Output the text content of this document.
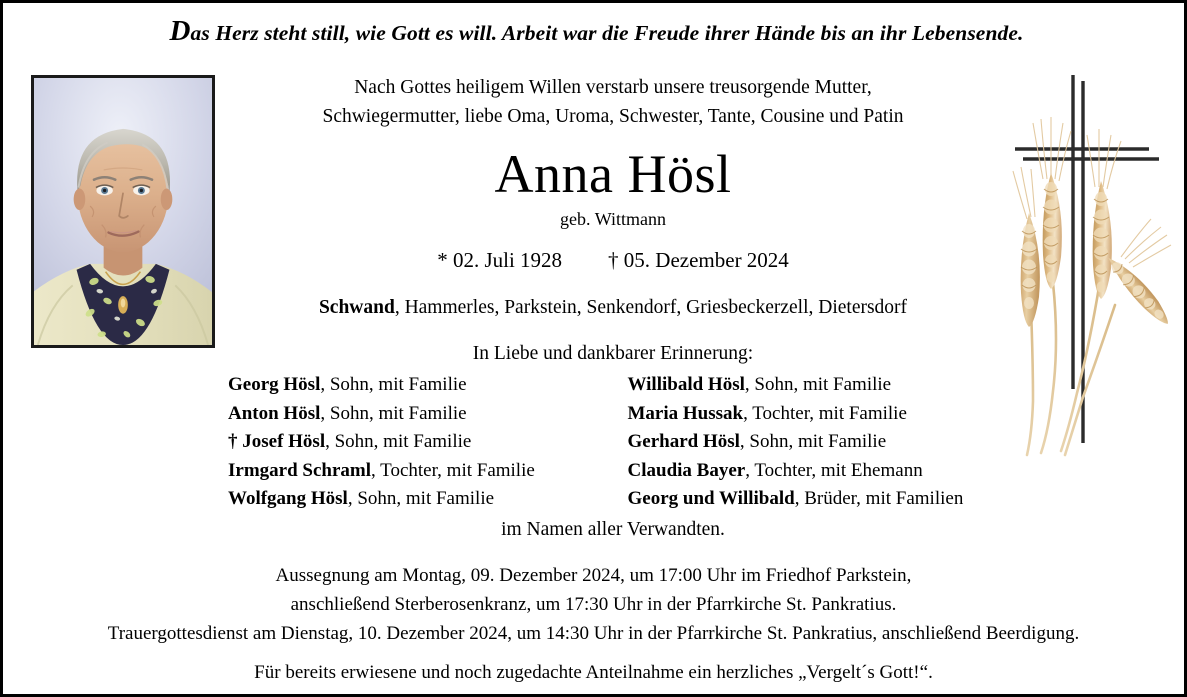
Das Herz steht still, wie Gott es will. Arbeit war die Freude ihrer Hände bis an ihr Lebensende.
Nach Gottes heiligem Willen verstarb unsere treusorgende Mutter,
Schwiegermutter, liebe Oma, Uroma, Schwester, Tante, Cousine und Patin
Anna Hösl
geb. Wittmann
* 02. Juli 1928 † 05. Dezember 2024
Schwand, Hammerles, Parkstein, Senkendorf, Griesbeckerzell, Dietersdorf
In Liebe und dankbarer Erinnerung:
Georg Hösl, Sohn, mit Familie
Anton Hösl, Sohn, mit Familie
† Josef Hösl, Sohn, mit Familie
Irmgard Schraml, Tochter, mit Familie
Wolfgang Hösl, Sohn, mit Familie
Willibald Hösl, Sohn, mit Familie
Maria Hussak, Tochter, mit Familie
Gerhard Hösl, Sohn, mit Familie
Claudia Bayer, Tochter, mit Ehemann
Georg und Willibald, Brüder, mit Familien
im Namen aller Verwandten.
Aussegnung am Montag, 09. Dezember 2024, um 17:00 Uhr im Friedhof Parkstein,
anschließend Sterberosenkranz, um 17:30 Uhr in der Pfarrkirche St. Pankratius.
Trauergottesdienst am Dienstag, 10. Dezember 2024, um 14:30 Uhr in der Pfarrkirche St. Pankratius, anschließend Beerdigung.
Für bereits erwiesene und noch zugedachte Anteilnahme ein herzliches „Vergelt´s Gott!“.
